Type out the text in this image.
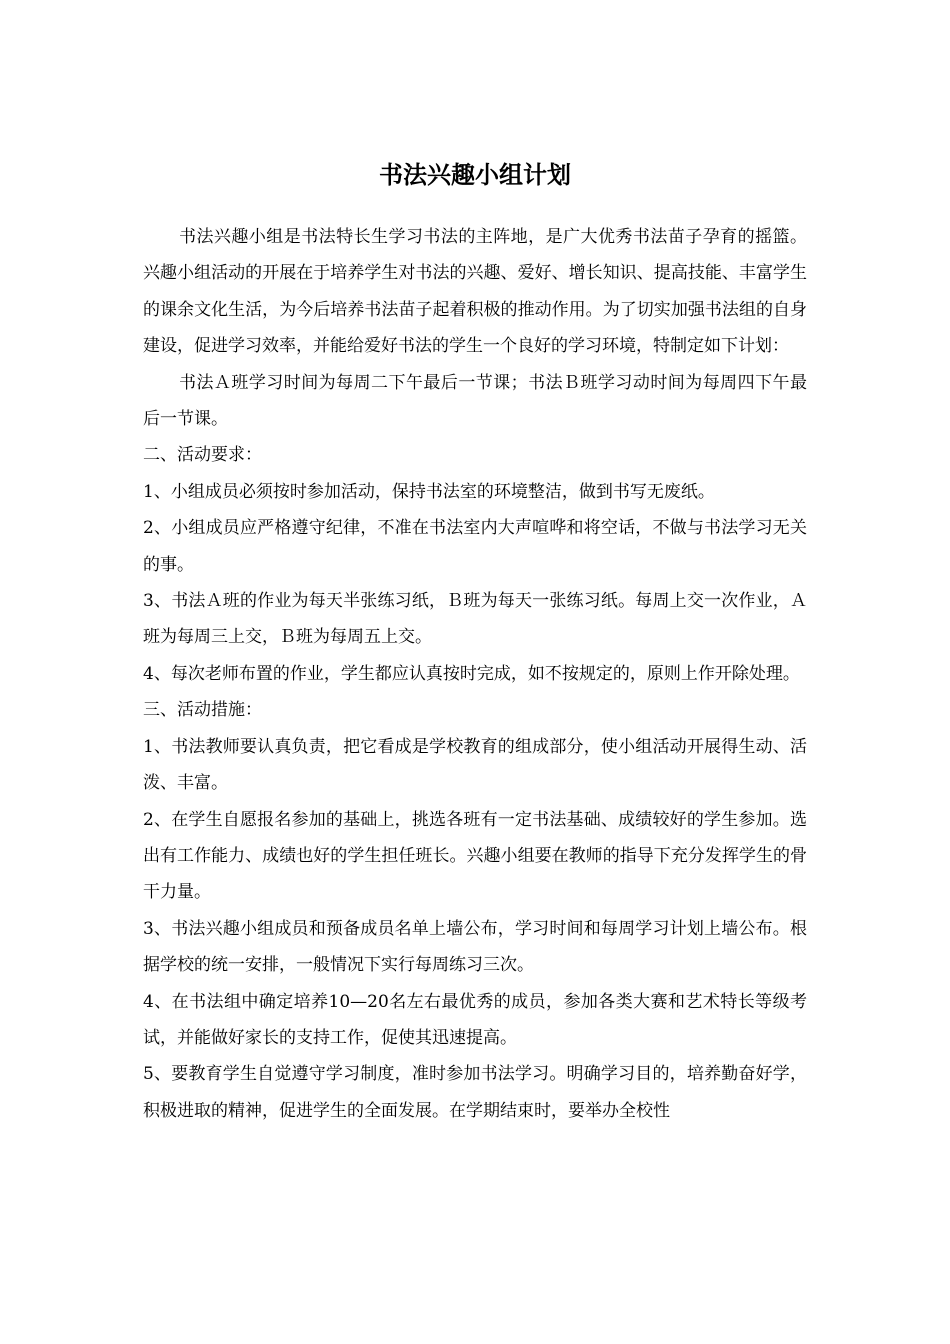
书法兴趣小组计划

书法兴趣小组是书法特长生学习书法的主阵地，是广大优秀书法苗子孕育的摇篮。兴趣小组活动的开展在于培养学生对书法的兴趣、爱好、增长知识、提高技能、丰富学生的课余文化生活，为今后培养书法苗子起着积极的推动作用。为了切实加强书法组的自身建设，促进学习效率，并能给爱好书法的学生一个良好的学习环境，特制定如下计划：

书法Ａ班学习时间为每周二下午最后一节课；书法Ｂ班学习动时间为每周四下午最后一节课。

二、活动要求：

1、小组成员必须按时参加活动，保持书法室的环境整洁，做到书写无废纸。

2、小组成员应严格遵守纪律，不准在书法室内大声喧哗和将空话，不做与书法学习无关的事。

3、书法Ａ班的作业为每天半张练习纸，Ｂ班为每天一张练习纸。每周上交一次作业，Ａ班为每周三上交，Ｂ班为每周五上交。

4、每次老师布置的作业，学生都应认真按时完成，如不按规定的，原则上作开除处理。

三、活动措施：

1、书法教师要认真负责，把它看成是学校教育的组成部分，使小组活动开展得生动、活泼、丰富。

2、在学生自愿报名参加的基础上，挑选各班有一定书法基础、成绩较好的学生参加。选出有工作能力、成绩也好的学生担任班长。兴趣小组要在教师的指导下充分发挥学生的骨干力量。

3、书法兴趣小组成员和预备成员名单上墙公布，学习时间和每周学习计划上墙公布。根据学校的统一安排，一般情况下实行每周练习三次。

4、在书法组中确定培养10—20名左右最优秀的成员，参加各类大赛和艺术特长等级考试，并能做好家长的支持工作，促使其迅速提高。

5、要教育学生自觉遵守学习制度，准时参加书法学习。明确学习目的，培养勤奋好学，积极进取的精神，促进学生的全面发展。在学期结束时，要举办全校性
